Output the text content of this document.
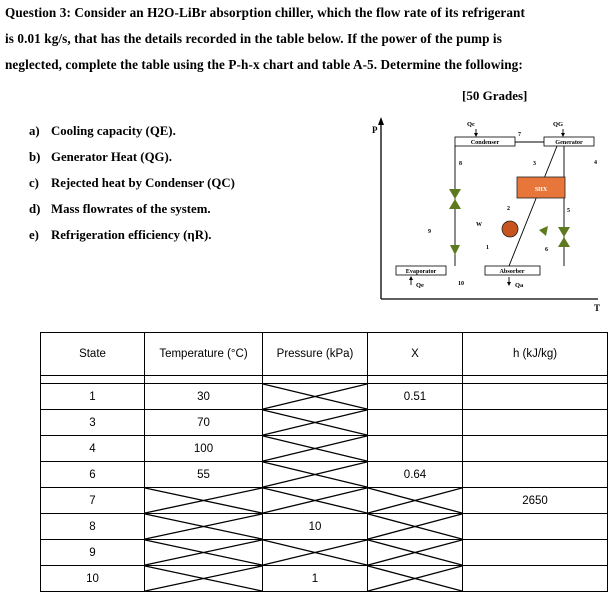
Question 3: Consider an H2O-LiBr absorption chiller, which the flow rate of its refrigerant
is 0.01 kg/s, that has the details recorded in the table below. If the power of the pump is
neglected, complete the table using the P-h-x chart and table A-5. Determine the following:
[50 Grades]
a) Cooling capacity (QE).
b) Generator Heat (QG).
c) Rejected heat by Condenser (QC)
d) Mass flowrates of the system.
e) Refrigeration efficiency (ηR).
P
T
Condenser	Generator
Evaporator	Absorber
SHX
Qc	QG
Qe	Qa
W
1
2
3	4
5
6
7
8
9
10
State	Temperature (°C)	Pressure (kPa)	X	h (kJ/kg)

1	30		0.51	
3	70	

4	100	

6	55		0.64	
7				2650
8		10	

9	

10		1	
